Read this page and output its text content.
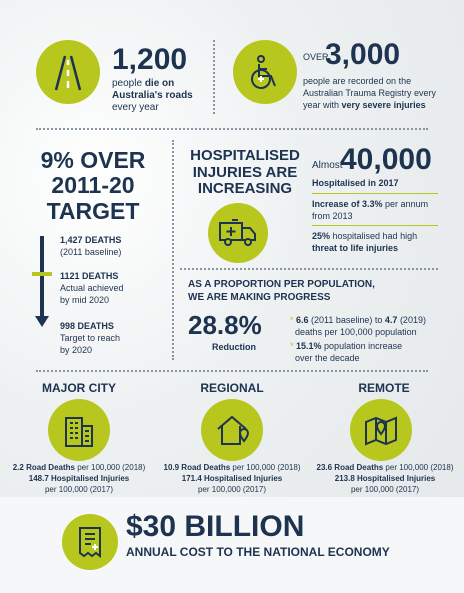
1,200
people die on
Australia's roads
every year
OVER
3,000
people are recorded on the
Australian Trauma Registry every
year with very severe injuries
9% OVER
2011-20
TARGET
1,427 DEATHS
(2011 baseline)
1121 DEATHS
Actual achieved
by mid 2020
998 DEATHS
Target to reach
by 2020
HOSPITALISED
INJURIES ARE
INCREASING
Almost
40,000
Hospitalised in 2017
Increase of 3.3% per annum
from 2013
25% hospitalised had high
threat to life injuries
AS A PROPORTION PER POPULATION,
WE ARE MAKING PROGRESS
28.8%
Reduction
* 6.6 (2011 baseline) to 4.7 (2019)
deaths per 100,000 population
* 15.1% population increase
over the decade
MAJOR CITY
2.2 Road Deaths per 100,000 (2018)
148.7 Hospitalised Injuries
per 100,000 (2017)
REGIONAL
10.9 Road Deaths per 100,000 (2018)
171.4 Hospitalised Injuries
per 100,000 (2017)
REMOTE
23.6 Road Deaths per 100,000 (2018)
213.8 Hospitalised Injuries
per 100,000 (2017)
$30 BILLION
ANNUAL COST TO THE NATIONAL ECONOMY
